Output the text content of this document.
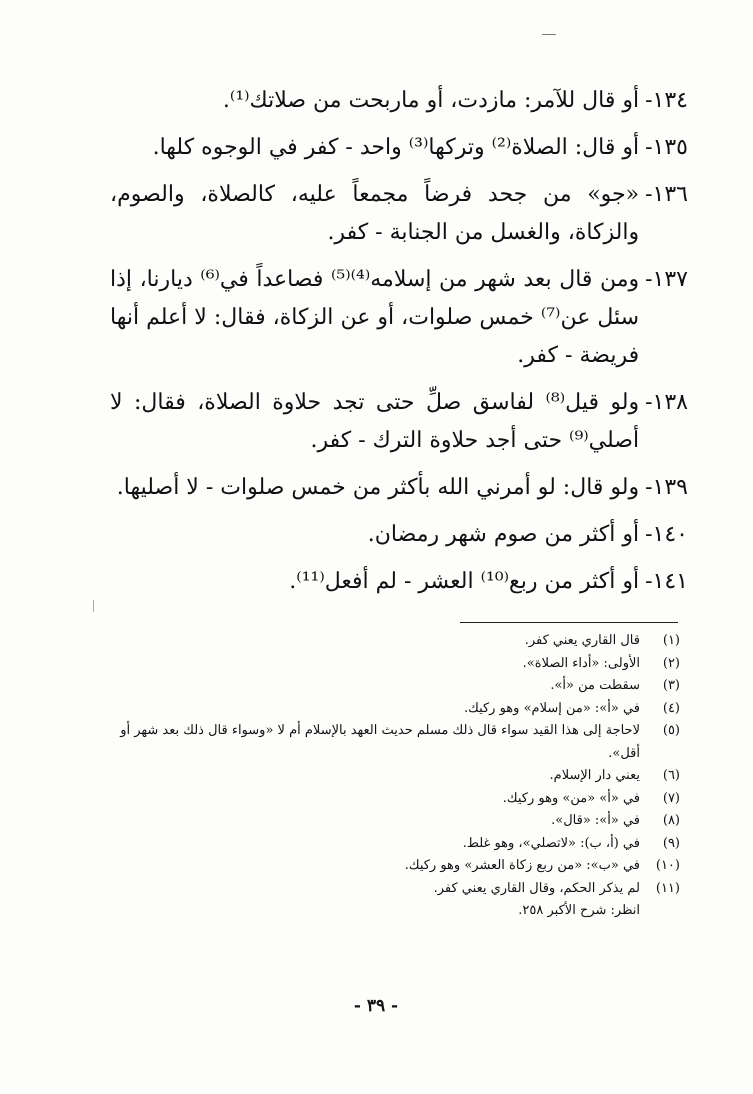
١٣٤-
أو قال للآمر: مازدت، أو ماربحت من صلاتك⁽¹⁾.
١٣٥-
أو قال: الصلاة⁽²⁾ وتركها⁽³⁾ واحد - كفر في الوجوه كلها.
١٣٦-
«جو» من جحد فرضاً مجمعاً عليه، كالصلاة، والصوم، والزكاة، والغسل من الجنابة - كفر.
١٣٧-
ومن قال بعد شهر من إسلامه⁽⁴⁾⁽⁵⁾ فصاعداً في⁽⁶⁾ ديارنا، إذا سئل عن⁽⁷⁾ خمس صلوات، أو عن الزكاة، فقال: لا أعلم أنها فريضة - كفر.
١٣٨-
ولو قيل⁽⁸⁾ لفاسق صلِّ حتى تجد حلاوة الصلاة، فقال: لا أصلي⁽⁹⁾ حتى أجد حلاوة الترك - كفر.
١٣٩-
ولو قال: لو أمرني الله بأكثر من خمس صلوات - لا أصليها.
١٤٠-
أو أكثر من صوم شهر رمضان.
١٤١-
أو أكثر من ربع⁽¹⁰⁾ العشر - لم أفعل⁽¹¹⁾.
(١)
قال القاري يعني كفر.
(٢)
الأولى: «أداء الصلاة».
(٣)
سقطت من «أ».
(٤)
في «أ»: «من إسلام» وهو ركيك.
(٥)
لاحاجة إلى هذا القيد سواء قال ذلك مسلم حديث العهد بالإسلام أم لا «وسواء قال ذلك بعد شهر أو أقل».
(٦)
يعني دار الإسلام.
(٧)
في «أ» «من» وهو ركيك.
(٨)
في «أ»: «قال».
(٩)
في (أ، ب): «لاتصلي»، وهو غلط.
(١٠)
في «ب»: «من ربع زكاة العشر» وهو ركيك.
(١١)
لم يذكر الحكم، وقال القاري يعني كفر.
انظر: شرح الأكبر ٢٥٨.
- ٣٩ -
